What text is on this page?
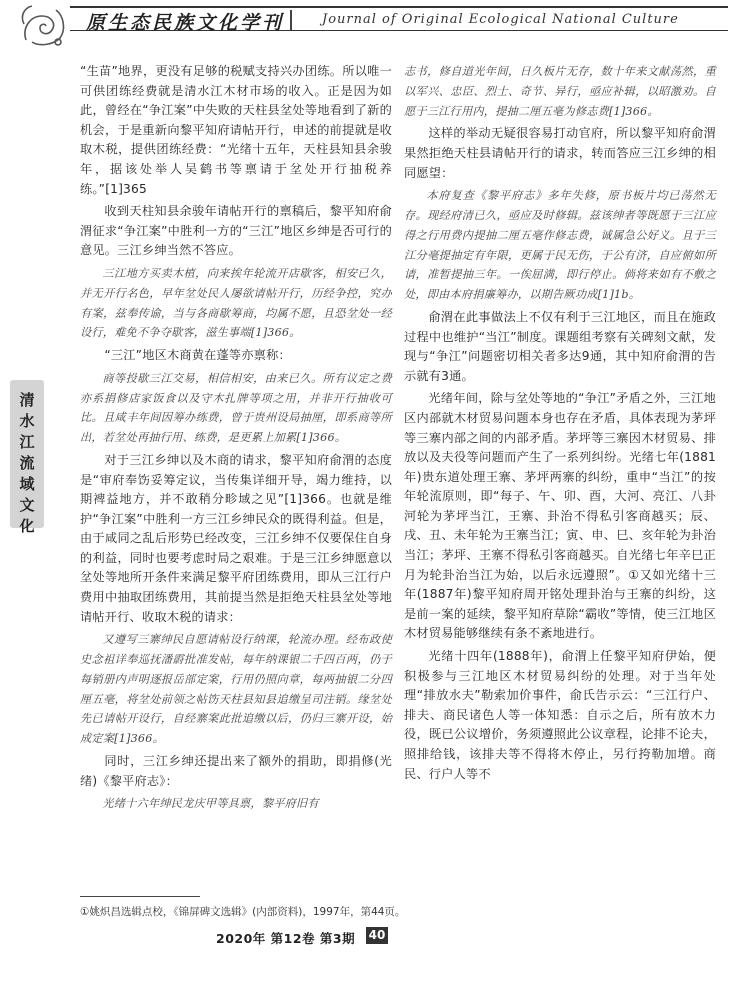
原生态民族文化学刊	Journal of Original Ecological National Culture
清
水
江
流
域
文
化

“生苗”地界，更没有足够的税赋支持兴办团练。所以唯一可供团练经费就是清水江木材市场的收入。正是因为如此，曾经在“争江案”中失败的天柱县坌处等地看到了新的机会，于是重新向黎平知府请帖开行，申述的前提就是收取木税，提供团练经费：“光绪十五年，天柱县知县余骏年，据该处举人吴鹤书等禀请于坌处开行抽税养练。”[1]365

收到天柱知县余骏年请帖开行的禀稿后，黎平知府俞渭征求“争江案”中胜利一方的“三江”地区乡绅是否可行的意见。三江乡绅当然不答应。

三江地方买卖木植，向来挨年轮流开店歇客，相安已久，并无开行名色，早年坌处民人屡欲请帖开行，历经争控，究办有案，兹奉传谕，当与各商歇筹商，均属不愿，且恐坌处一经设行，难免不争夺歇客，滋生事端[1]366。

“三江”地区木商黄在蓬等亦禀称：

商等投歇三江交易，相信相安，由来已久。所有议定之费亦系捐修店家饭食以及守木扎牌等项之用，并非开行抽收可比。且咸丰年间因筹办练费，曾于贵州设局抽厘，即系商等所出，若坌处再抽行用、练费，是更累上加累[1]366。

对于三江乡绅以及木商的请求，黎平知府俞渭的态度是“审府奉饬妥筹定议，当传集详细开导，竭力维持，以期裨益地方，并不敢稍分畛域之见”[1]366。也就是维护“争江案”中胜利一方三江乡绅民众的既得利益。但是，由于咸同之乱后形势已经改变，三江乡绅不仅要保住自身的利益，同时也要考虑时局之艰难。于是三江乡绅愿意以坌处等地所开条件来满足黎平府团练费用，即从三江行户费用中抽取团练费用，其前提当然是拒绝天柱县坌处等地请帖开行、收取木税的请求：

又遵写三寨绅民自愿请帖设行纳课，轮流办理。经布政使史念祖详奉巡抚潘霨批准发帖，每年纳课银二千四百两，仍于每销册内声明逐报岳部定案，行用仍照向章，每两抽银二分四厘五毫，将坌处前领之帖饬天柱县知县追缴呈司注销。缘坌处先已请帖开设行，自经寨案此批追缴以后，仍归三寨开设，始成定案[1]366。

同时，三江乡绅还提出来了额外的捐助，即捐修(光绪)《黎平府志》：

光绪十六年绅民龙庆甲等具禀，黎平府旧有

志书，修自道光年间，日久板片无存，数十年来文献荡然，重以军兴、忠臣、烈士、奇节、异行，亟应补辑，以昭激劝。自愿于三江行用内，提抽二厘五毫为修志费[1]366。

这样的举动无疑很容易打动官府，所以黎平知府俞渭果然拒绝天柱县请帖开行的请求，转而答应三江乡绅的相同愿望：

本府复查《黎平府志》多年失修，原书板片均已荡然无存。现经府清已久，亟应及时修辑。兹该绅者等既愿于三江应得之行用费内提抽二厘五毫作修志费，诚属急公好义。且于三江分毫提抽定有年限，更属于民无伤，于公有济，自应俯如所请，准暂提抽三年。一俟屈满，即行停止。倘将来如有不敷之处，即由本府捐廉筹办，以期告厥功成[1]1b。

俞渭在此事做法上不仅有利于三江地区，而且在施政过程中也维护“当江”制度。课题组考察有关碑刻文献，发现与“争江”问题密切相关者多达9通，其中知府俞渭的告示就有3通。

光绪年间，除与坌处等地的“争江”矛盾之外，三江地区内部就木材贸易问题本身也存在矛盾，具体表现为茅坪等三寨内部之间的内部矛盾。茅坪等三寨因木材贸易、排放以及夫役等问题而产生了一系列纠纷。光绪七年(1881年)贵东道处理王寨、茅坪两寨的纠纷，重申“当江”的按年轮流原则，即“每子、午、卯、酉，大河、亮江、八卦河轮为茅坪当江，王寨、卦治不得私引客商越买；辰、戌、丑、未年轮为王寨当江；寅、申、巳、亥年轮为卦治当江；茅坪、王寨不得私引客商越买。自光绪七年辛巳正月为轮卦治当江为始，以后永远遵照”。①又如光绪十三年(1887年)黎平知府周开铭处理卦治与王寨的纠纷，这是前一案的延续，黎平知府草除“霸收”等情，使三江地区木材贸易能够继续有条不紊地进行。

光绪十四年(1888年)，俞渭上任黎平知府伊始，便积极参与三江地区木材贸易纠纷的处理。对于当年处理“排放水夫”勒索加价事件，俞氏告示云：“三江行户、排夫、商民诸色人等一体知悉：自示之后，所有放木力役，既已公议增价，务须遵照此公议章程，论排不论夫，照排给钱，该排夫等不得将木停止，另行挎勒加增。商民、行户人等不

①姚炽昌选辑点校，《锦屏碑文选辑》(内部资料)，1997年，第44页。
2020年 第12卷 第3期 40
